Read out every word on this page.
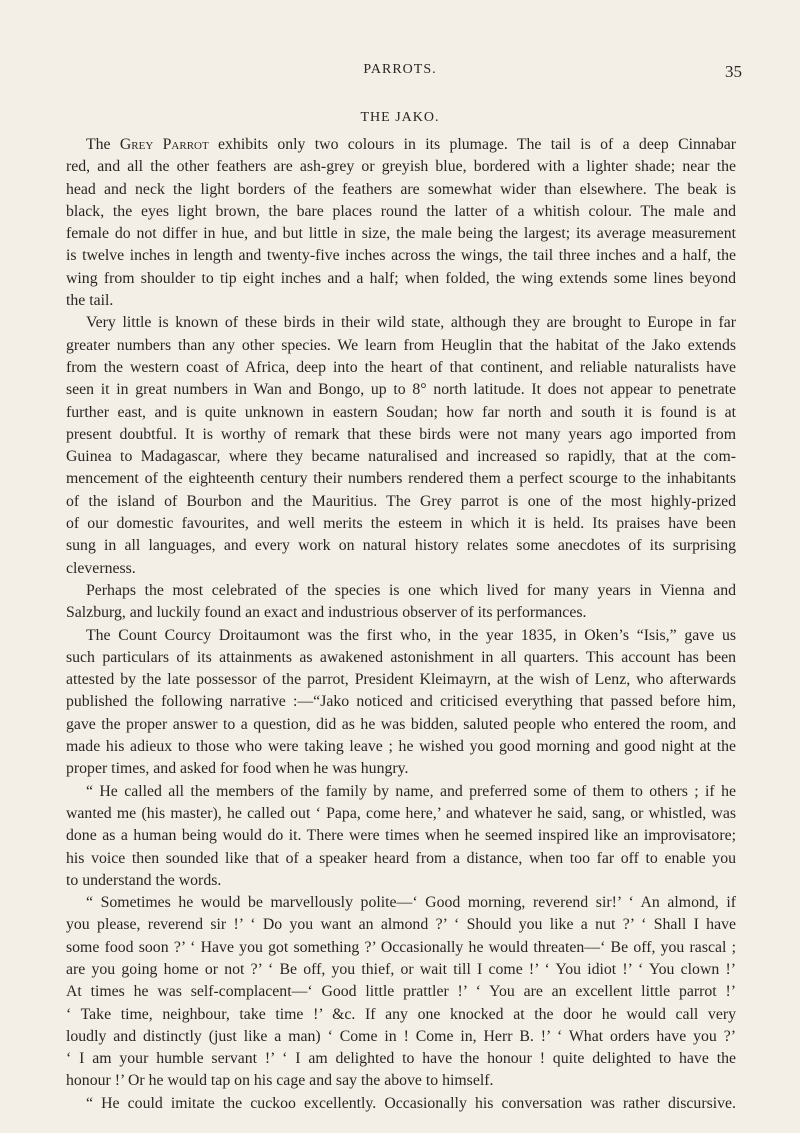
PARROTS.	35
THE JAKO.
The Grey Parrot exhibits only two colours in its plumage. The tail is of a deep Cinnabar
red, and all the other feathers are ash-grey or greyish blue, bordered with a lighter shade; near the
head and neck the light borders of the feathers are somewhat wider than elsewhere. The beak is
black, the eyes light brown, the bare places round the latter of a whitish colour. The male and
female do not differ in hue, and but little in size, the male being the largest; its average measurement
is twelve inches in length and twenty-five inches across the wings, the tail three inches and a half, the
wing from shoulder to tip eight inches and a half; when folded, the wing extends some lines beyond
the tail.
Very little is known of these birds in their wild state, although they are brought to Europe in far
greater numbers than any other species. We learn from Heuglin that the habitat of the Jako extends
from the western coast of Africa, deep into the heart of that continent, and reliable naturalists have
seen it in great numbers in Wan and Bongo, up to 8° north latitude. It does not appear to penetrate
further east, and is quite unknown in eastern Soudan; how far north and south it is found is at
present doubtful. It is worthy of remark that these birds were not many years ago imported from
Guinea to Madagascar, where they became naturalised and increased so rapidly, that at the com-
mencement of the eighteenth century their numbers rendered them a perfect scourge to the inhabitants
of the island of Bourbon and the Mauritius. The Grey parrot is one of the most highly-prized
of our domestic favourites, and well merits the esteem in which it is held. Its praises have been
sung in all languages, and every work on natural history relates some anecdotes of its surprising
cleverness.
Perhaps the most celebrated of the species is one which lived for many years in Vienna and
Salzburg, and luckily found an exact and industrious observer of its performances.
The Count Courcy Droitaumont was the first who, in the year 1835, in Oken’s “Isis,” gave us
such particulars of its attainments as awakened astonishment in all quarters. This account has been
attested by the late possessor of the parrot, President Kleimayrn, at the wish of Lenz, who afterwards
published the following narrative :—“Jako noticed and criticised everything that passed before him,
gave the proper answer to a question, did as he was bidden, saluted people who entered the room, and
made his adieux to those who were taking leave ; he wished you good morning and good night at the
proper times, and asked for food when he was hungry.
“ He called all the members of the family by name, and preferred some of them to others ; if he
wanted me (his master), he called out ‘ Papa, come here,’ and whatever he said, sang, or whistled, was
done as a human being would do it. There were times when he seemed inspired like an improvisatore;
his voice then sounded like that of a speaker heard from a distance, when too far off to enable you
to understand the words.
“ Sometimes he would be marvellously polite—‘ Good morning, reverend sir!’ ‘ An almond, if
you please, reverend sir !’ ‘ Do you want an almond ?’ ‘ Should you like a nut ?’ ‘ Shall I have
some food soon ?’ ‘ Have you got something ?’ Occasionally he would threaten—‘ Be off, you rascal ;
are you going home or not ?’ ‘ Be off, you thief, or wait till I come !’ ‘ You idiot !’ ‘ You clown !’
At times he was self-complacent—‘ Good little prattler !’ ‘ You are an excellent little parrot !’
‘ Take time, neighbour, take time !’ &c. If any one knocked at the door he would call very
loudly and distinctly (just like a man) ‘ Come in ! Come in, Herr B. !’ ‘ What orders have you ?’
‘ I am your humble servant !’ ‘ I am delighted to have the honour ! quite delighted to have the
honour !’ Or he would tap on his cage and say the above to himself.
“ He could imitate the cuckoo excellently. Occasionally his conversation was rather discursive.
